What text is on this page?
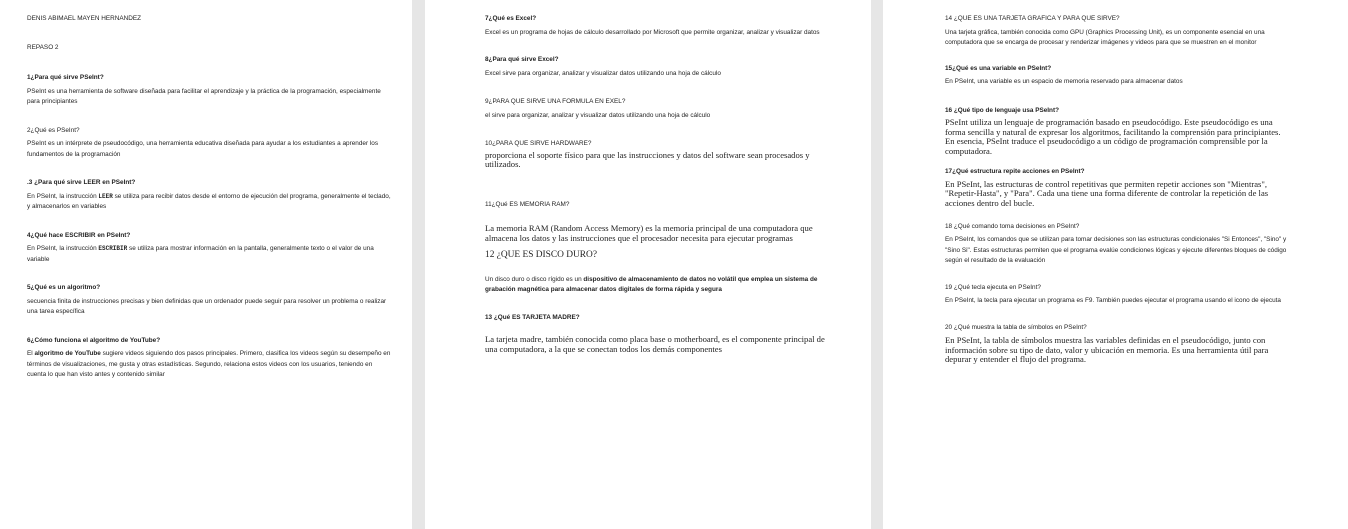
DENIS ABIMAEL MAYEN HERNANDEZ

REPASO 2

1¿Para qué sirve PSeInt?

PSeInt es una herramienta de software diseñada para facilitar el aprendizaje y la práctica de la programación, especialmente para principiantes

2¿Qué es PSeInt?

PSeInt es un intérprete de pseudocódigo, una herramienta educativa diseñada para ayudar a los estudiantes a aprender los fundamentos de la programación

.3 ¿Para qué sirve LEER en PSeInt?

En PSeInt, la instrucción LEER se utiliza para recibir datos desde el entorno de ejecución del programa, generalmente el teclado, y almacenarlos en variables

4¿Qué hace ESCRIBIR en PSeInt?

En PSeInt, la instrucción ESCRIBIR se utiliza para mostrar información en la pantalla, generalmente texto o el valor de una variable

5¿Qué es un algoritmo?

secuencia finita de instrucciones precisas y bien definidas que un ordenador puede seguir para resolver un problema o realizar una tarea específica

6¿Cómo funciona el algoritmo de YouTube?

El algoritmo de YouTube sugiere videos siguiendo dos pasos principales. Primero, clasifica los videos según su desempeño en términos de visualizaciones, me gusta y otras estadísticas. Segundo, relaciona estos videos con los usuarios, teniendo en cuenta lo que han visto antes y contenido similar

7¿Qué es Excel?

Excel es un programa de hojas de cálculo desarrollado por Microsoft que permite organizar, analizar y visualizar datos

8¿Para qué sirve Excel?

Excel sirve para organizar, analizar y visualizar datos utilizando una hoja de cálculo

9¿PARA QUE SIRVE UNA FORMULA EN EXEL?

el sirve para organizar, analizar y visualizar datos utilizando una hoja de cálculo

10¿PARA QUE SIRVE HARDWARE?

proporciona el soporte físico para que las instrucciones y datos del software sean procesados y utilizados.

11¿Qué ES MEMORIA RAM?

La memoria RAM (Random Access Memory) es la memoria principal de una computadora que almacena los datos y las instrucciones que el procesador necesita para ejecutar programas

12 ¿QUE ES DISCO DURO?

Un disco duro o disco rígido es un dispositivo de almacenamiento de datos no volátil que emplea un sistema de grabación magnética para almacenar datos digitales de forma rápida y segura

13 ¿Qué ES TARJETA MADRE?

La tarjeta madre, también conocida como placa base o motherboard, es el componente principal de una computadora, a la que se conectan todos los demás componentes

14 ¿QUE ES UNA TARJETA GRAFICA Y PARA QUE SIRVE?

Una tarjeta gráfica, también conocida como GPU (Graphics Processing Unit), es un componente esencial en una computadora que se encarga de procesar y renderizar imágenes y videos para que se muestren en el monitor

15¿Qué es una variable en PSeInt?

En PSeInt, una variable es un espacio de memoria reservado para almacenar datos

16 ¿Qué tipo de lenguaje usa PSeInt?

PSeInt utiliza un lenguaje de programación basado en pseudocódigo. Este pseudocódigo es una forma sencilla y natural de expresar los algoritmos, facilitando la comprensión para principiantes. En esencia, PSeInt traduce el pseudocódigo a un código de programación comprensible por la computadora.

17¿Qué estructura repite acciones en PSeInt?

En PSeInt, las estructuras de control repetitivas que permiten repetir acciones son "Mientras", "Repetir-Hasta", y "Para". Cada una tiene una forma diferente de controlar la repetición de las acciones dentro del bucle.

18 ¿Qué comando toma decisiones en PSeInt?

En PSeInt, los comandos que se utilizan para tomar decisiones son las estructuras condicionales "Si Entonces", "Sino" y "Sino Si". Estas estructuras permiten que el programa evalúe condiciones lógicas y ejecute diferentes bloques de código según el resultado de la evaluación

19 ¿Qué tecla ejecuta en PSeInt?

En PSeInt, la tecla para ejecutar un programa es F9. También puedes ejecutar el programa usando el icono de ejecuta

20 ¿Qué muestra la tabla de símbolos en PSeInt?

En PSeInt, la tabla de símbolos muestra las variables definidas en el pseudocódigo, junto con información sobre su tipo de dato, valor y ubicación en memoria. Es una herramienta útil para depurar y entender el flujo del programa.
